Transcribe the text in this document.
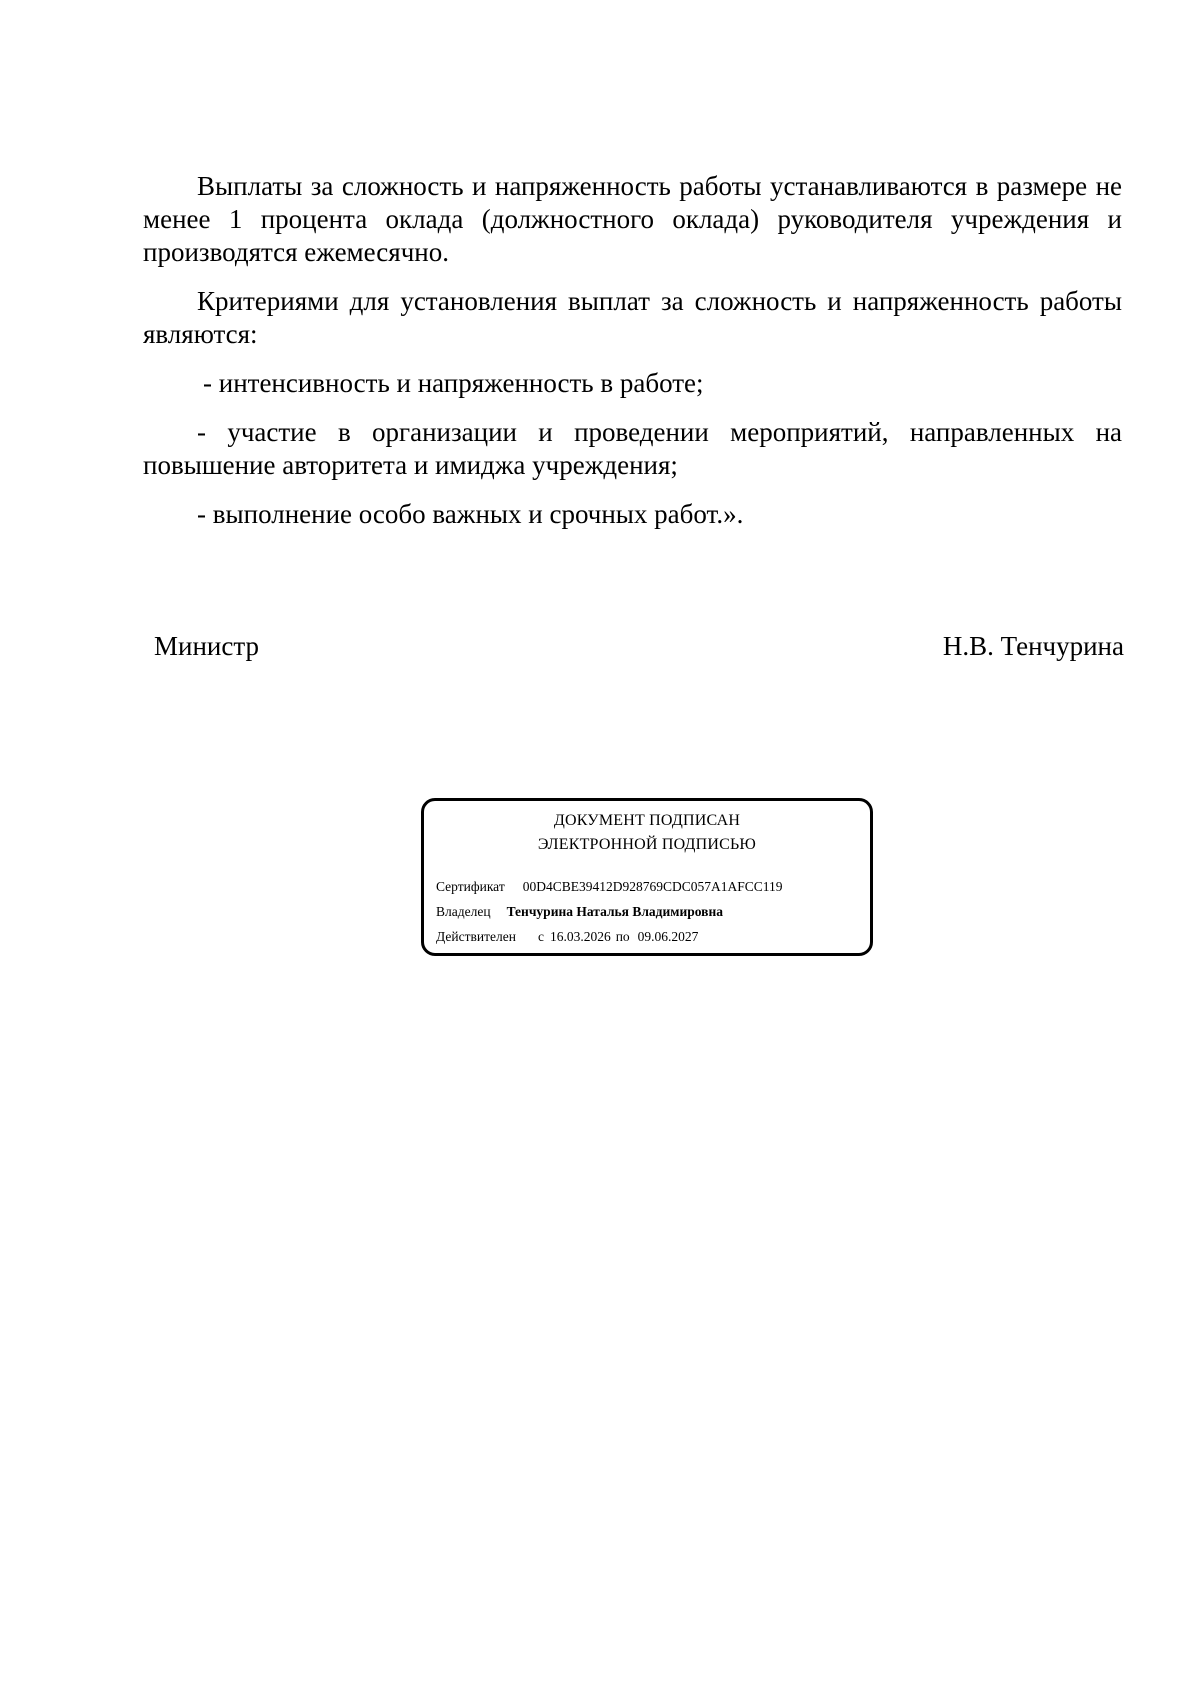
Выплаты за сложность и напряженность работы устанавливаются в размере не менее 1 процента оклада (должностного оклада) руководителя учреждения и производятся ежемесячно.

Критериями для установления выплат за сложность и напряженность работы являются:

- интенсивность и напряженность в работе;

- участие в организации и проведении мероприятий, направленных на повышение авторитета и имиджа учреждения;

- выполнение особо важных и срочных работ.».

Министр	Н.В. Тенчурина
ДОКУМЕНТ ПОДПИСАН
ЭЛЕКТРОННОЙ ПОДПИСЬЮ
Сертификат 00D4CBE39412D928769CDC057A1AFCC119
Владелец Тенчурина Наталья Владимировна
Действителен с 16.03.2026 по 09.06.2027
